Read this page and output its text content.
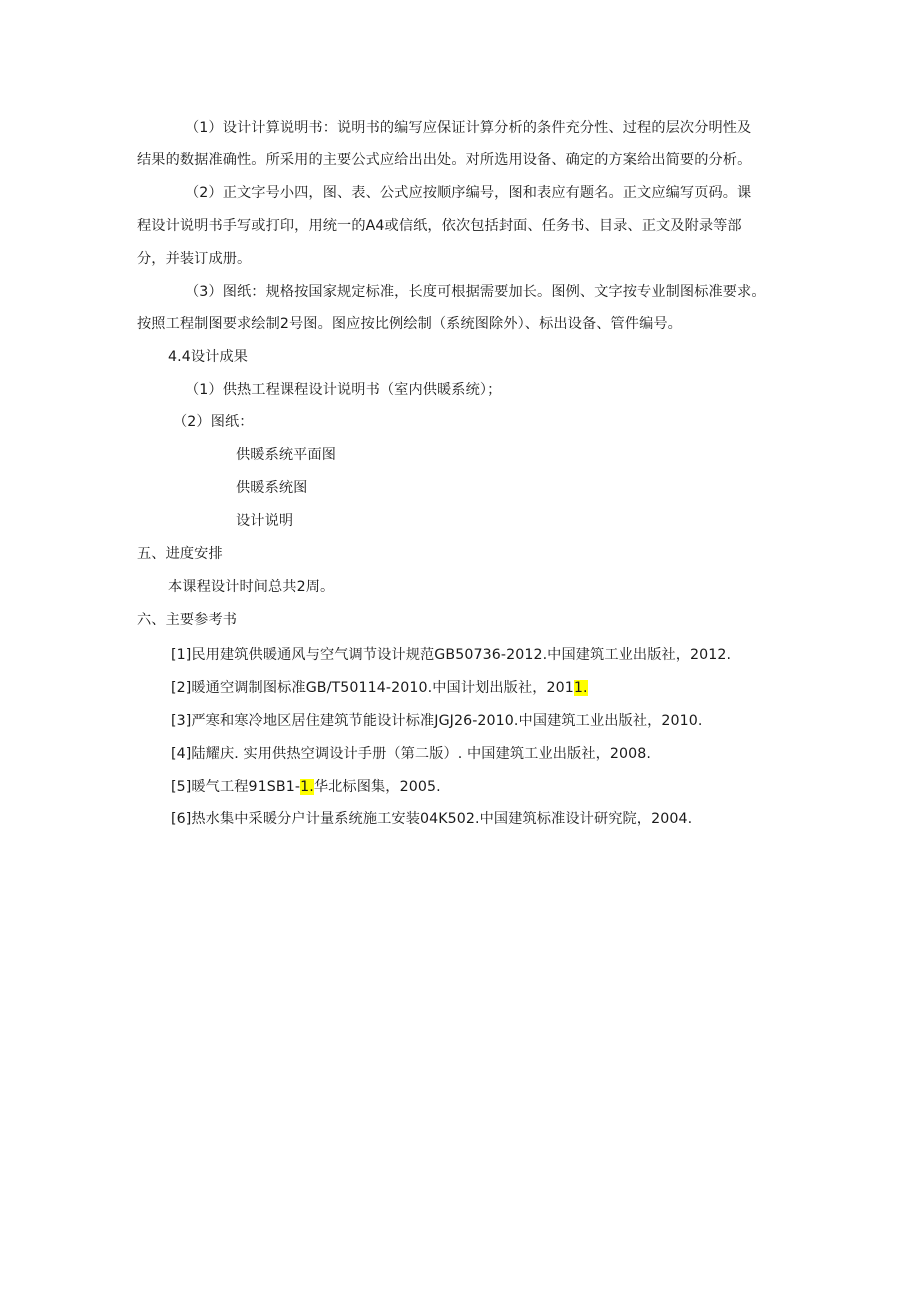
（1）设计计算说明书：说明书的编写应保证计算分析的条件充分性、过程的层次分明性及
结果的数据准确性。所采用的主要公式应给出出处。对所选用设备、确定的方案给出简要的分析。
（2）正文字号小四，图、表、公式应按顺序编号，图和表应有题名。正文应编写页码。课
程设计说明书手写或打印，用统一的A4或信纸，依次包括封面、任务书、目录、正文及附录等部
分，并装订成册。
（3）图纸：规格按国家规定标准，长度可根据需要加长。图例、文字按专业制图标准要求。
按照工程制图要求绘制2号图。图应按比例绘制（系统图除外）、标出设备、管件编号。
4.4设计成果
（1）供热工程课程设计说明书（室内供暖系统）；
（2）图纸：
供暖系统平面图
供暖系统图
设计说明
五、进度安排
本课程设计时间总共2周。
六、主要参考书
[1]民用建筑供暖通风与空气调节设计规范GB50736-2012.中国建筑工业出版社，2012.
[2]暖通空调制图标准GB/T50114-2010.中国计划出版社，2011.
[3]严寒和寒冷地区居住建筑节能设计标准JGJ26-2010.中国建筑工业出版社，2010.
[4]陆耀庆. 实用供热空调设计手册（第二版）. 中国建筑工业出版社，2008.
[5]暖气工程91SB1-1.华北标图集，2005.
[6]热水集中采暖分户计量系统施工安装04K502.中国建筑标准设计研究院，2004.
